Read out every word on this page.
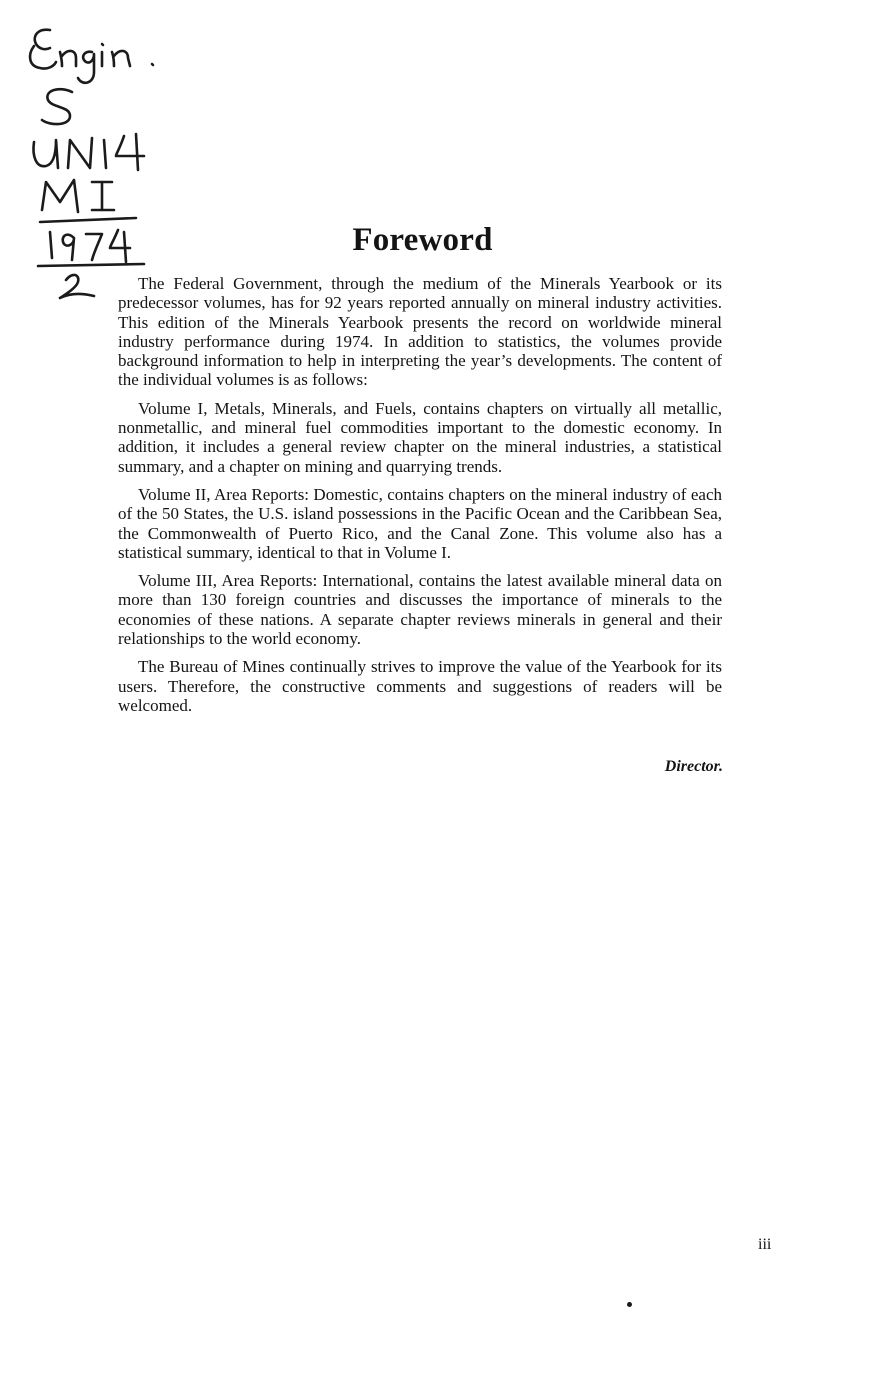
Foreword

The Federal Government, through the medium of the Minerals Yearbook or its predecessor volumes, has for 92 years reported annually on mineral industry activities. This edition of the Minerals Yearbook presents the record on worldwide mineral industry performance during 1974. In addition to statistics, the volumes provide background information to help in interpreting the year’s developments. The content of the individual volumes is as follows:

Volume I, Metals, Minerals, and Fuels, contains chapters on virtually all metallic, nonmetallic, and mineral fuel commodities important to the domestic economy. In addition, it includes a general review chapter on the mineral industries, a statistical summary, and a chapter on mining and quarrying trends.

Volume II, Area Reports: Domestic, contains chapters on the mineral industry of each of the 50 States, the U.S. island possessions in the Pacific Ocean and the Caribbean Sea, the Commonwealth of Puerto Rico, and the Canal Zone. This volume also has a statistical summary, identical to that in Volume I.

Volume III, Area Reports: International, contains the latest available mineral data on more than 130 foreign countries and discusses the importance of minerals to the economies of these nations. A separate chapter reviews minerals in general and their relationships to the world economy.

The Bureau of Mines continually strives to improve the value of the Yearbook for its users. Therefore, the constructive comments and suggestions of readers will be welcomed.

Director.

iii
